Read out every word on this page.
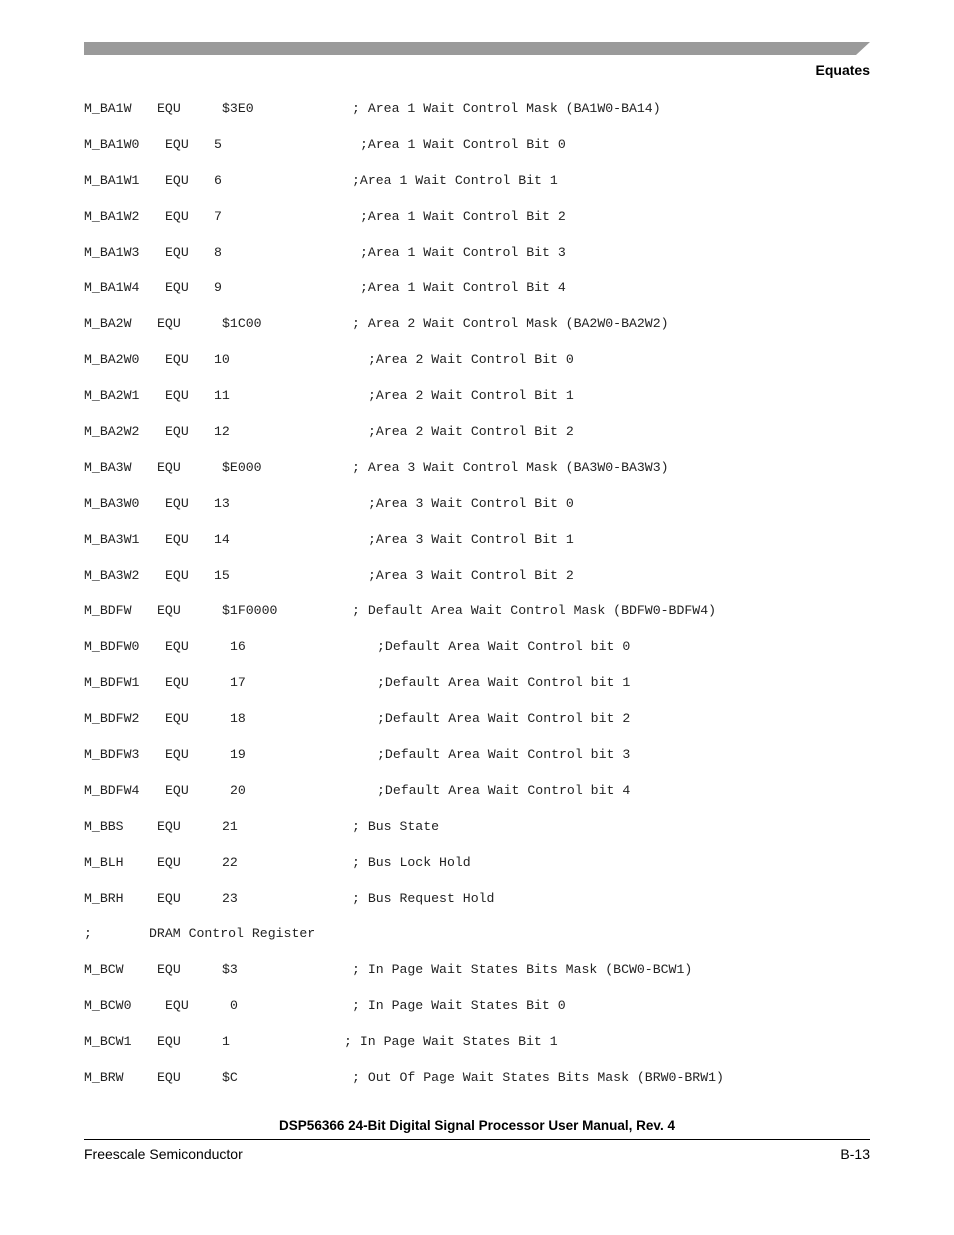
Equates
M_BA1W EQU	$3E0	; Area 1 Wait Control Mask (BA1W0-BA14)
M_BA1W0 EQU 5	;Area 1 Wait Control Bit 0
M_BA1W1 EQU 6	;Area 1 Wait Control Bit 1
M_BA1W2 EQU 7	;Area 1 Wait Control Bit 2
M_BA1W3 EQU 8	;Area 1 Wait Control Bit 3
M_BA1W4 EQU 9	;Area 1 Wait Control Bit 4
M_BA2W EQU	$1C00	; Area 2 Wait Control Mask (BA2W0-BA2W2)
M_BA2W0 EQU 10	;Area 2 Wait Control Bit 0
M_BA2W1 EQU 11	;Area 2 Wait Control Bit 1
M_BA2W2 EQU 12	;Area 2 Wait Control Bit 2
M_BA3W EQU	$E000	; Area 3 Wait Control Mask (BA3W0-BA3W3)
M_BA3W0 EQU 13	;Area 3 Wait Control Bit 0
M_BA3W1 EQU 14	;Area 3 Wait Control Bit 1
M_BA3W2 EQU 15	;Area 3 Wait Control Bit 2
M_BDFW EQU	$1F0000	; Default Area Wait Control Mask (BDFW0-BDFW4)
M_BDFW0 EQU	16	;Default Area Wait Control bit 0
M_BDFW1 EQU	17	;Default Area Wait Control bit 1
M_BDFW2 EQU	18	;Default Area Wait Control bit 2
M_BDFW3 EQU	19	;Default Area Wait Control bit 3
M_BDFW4 EQU	20	;Default Area Wait Control bit 4
M_BBS	EQU	21	; Bus State
M_BLH	EQU	22	; Bus Lock Hold
M_BRH	EQU	23	; Bus Request Hold
;	DRAM Control Register
M_BCW	EQU	$3	; In Page Wait States Bits Mask (BCW0-BCW1)
M_BCW0	EQU	0	; In Page Wait States Bit 0
M_BCW1 EQU	1	; In Page Wait States Bit 1
M_BRW	EQU	$C	; Out Of Page Wait States Bits Mask (BRW0-BRW1)
DSP56366 24-Bit Digital Signal Processor User Manual, Rev. 4
Freescale Semiconductor	B-13
